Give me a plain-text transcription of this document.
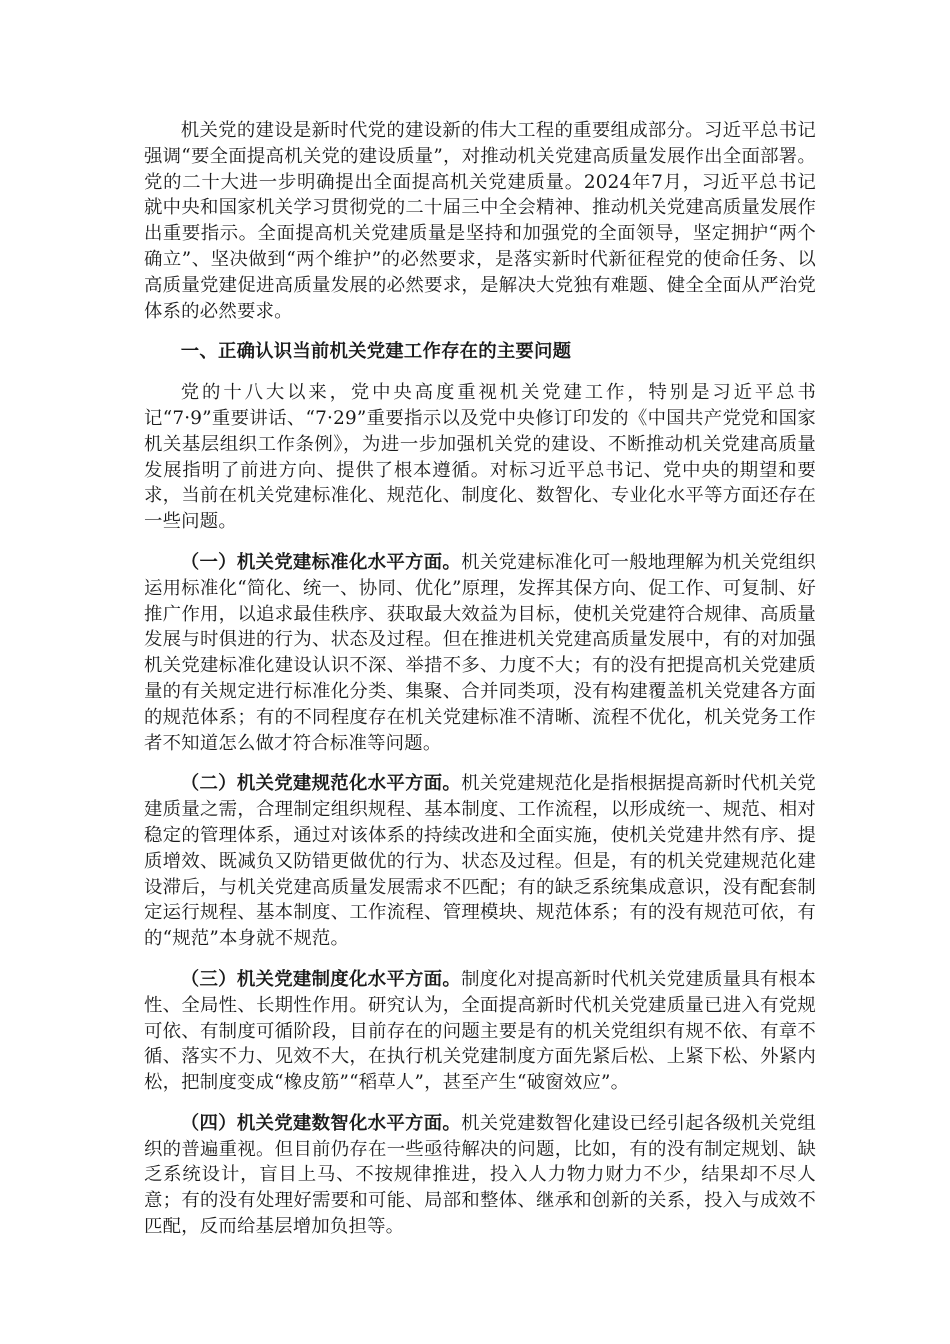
机关党的建设是新时代党的建设新的伟大工程的重要组成部分。习近平总书记强调“要全面提高机关党的建设质量”，对推动机关党建高质量发展作出全面部署。党的二十大进一步明确提出全面提高机关党建质量。2024年7月，习近平总书记就中央和国家机关学习贯彻党的二十届三中全会精神、推动机关党建高质量发展作出重要指示。全面提高机关党建质量是坚持和加强党的全面领导，坚定拥护“两个确立”、坚决做到“两个维护”的必然要求，是落实新时代新征程党的使命任务、以高质量党建促进高质量发展的必然要求，是解决大党独有难题、健全全面从严治党体系的必然要求。

一、正确认识当前机关党建工作存在的主要问题

党的十八大以来，党中央高度重视机关党建工作，特别是习近平总书记“7·9”重要讲话、“7·29”重要指示以及党中央修订印发的《中国共产党党和国家机关基层组织工作条例》，为进一步加强机关党的建设、不断推动机关党建高质量发展指明了前进方向、提供了根本遵循。对标习近平总书记、党中央的期望和要求，当前在机关党建标准化、规范化、制度化、数智化、专业化水平等方面还存在一些问题。

（一）机关党建标准化水平方面。机关党建标准化可一般地理解为机关党组织运用标准化“简化、统一、协同、优化”原理，发挥其保方向、促工作、可复制、好推广作用，以追求最佳秩序、获取最大效益为目标，使机关党建符合规律、高质量发展与时俱进的行为、状态及过程。但在推进机关党建高质量发展中，有的对加强机关党建标准化建设认识不深、举措不多、力度不大；有的没有把提高机关党建质量的有关规定进行标准化分类、集聚、合并同类项，没有构建覆盖机关党建各方面的规范体系；有的不同程度存在机关党建标准不清晰、流程不优化，机关党务工作者不知道怎么做才符合标准等问题。

（二）机关党建规范化水平方面。机关党建规范化是指根据提高新时代机关党建质量之需，合理制定组织规程、基本制度、工作流程，以形成统一、规范、相对稳定的管理体系，通过对该体系的持续改进和全面实施，使机关党建井然有序、提质增效、既减负又防错更做优的行为、状态及过程。但是，有的机关党建规范化建设滞后，与机关党建高质量发展需求不匹配；有的缺乏系统集成意识，没有配套制定运行规程、基本制度、工作流程、管理模块、规范体系；有的没有规范可依，有的“规范”本身就不规范。

（三）机关党建制度化水平方面。制度化对提高新时代机关党建质量具有根本性、全局性、长期性作用。研究认为，全面提高新时代机关党建质量已进入有党规可依、有制度可循阶段，目前存在的问题主要是有的机关党组织有规不依、有章不循、落实不力、见效不大，在执行机关党建制度方面先紧后松、上紧下松、外紧内松，把制度变成“橡皮筋”“稻草人”，甚至产生“破窗效应”。

（四）机关党建数智化水平方面。机关党建数智化建设已经引起各级机关党组织的普遍重视。但目前仍存在一些亟待解决的问题，比如，有的没有制定规划、缺乏系统设计，盲目上马、不按规律推进，投入人力物力财力不少，结果却不尽人意；有的没有处理好需要和可能、局部和整体、继承和创新的关系，投入与成效不匹配，反而给基层增加负担等。
